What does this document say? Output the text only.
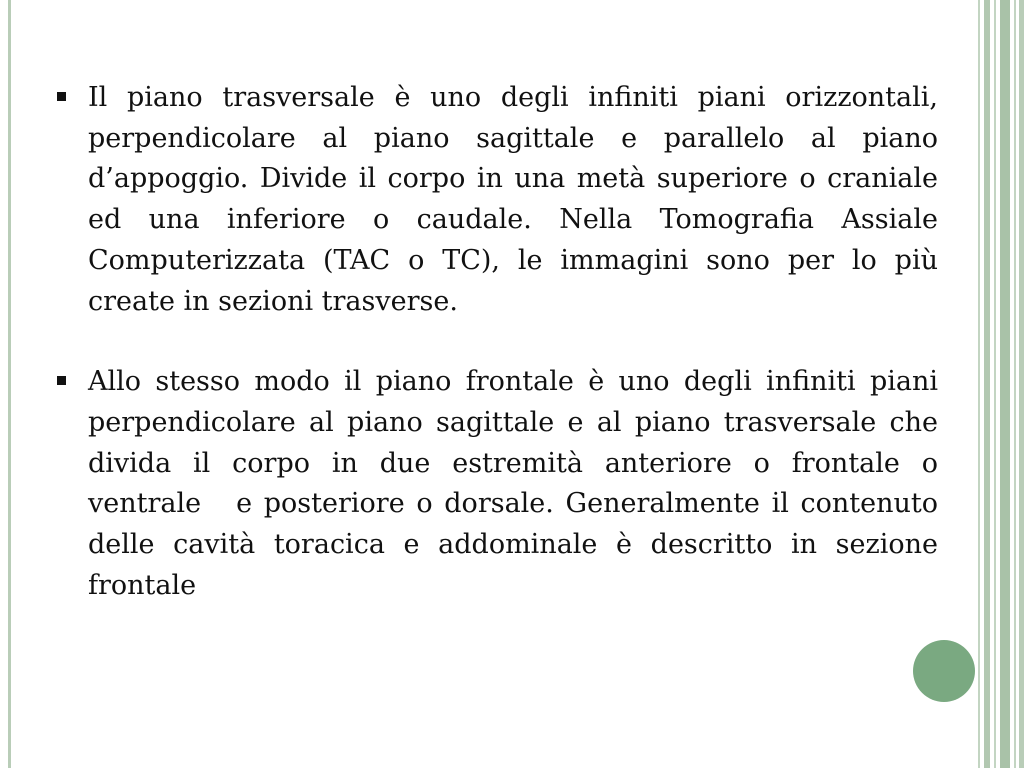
Il piano trasversale è uno degli infiniti piani orizzontali, perpendicolare al piano sagittale e parallelo al piano d’appoggio. Divide il corpo in una metà superiore o craniale ed una inferiore o caudale. Nella Tomografia Assiale Computerizzata (TAC o TC), le immagini sono per lo più create in sezioni trasverse.
Allo stesso modo il piano frontale è uno degli infiniti piani perpendicolare al piano sagittale e al piano trasversale che divida il corpo in due estremità anteriore o frontale o ventrale   e posteriore o dorsale. Generalmente il contenuto delle cavità toracica e addominale è descritto in sezione frontale
